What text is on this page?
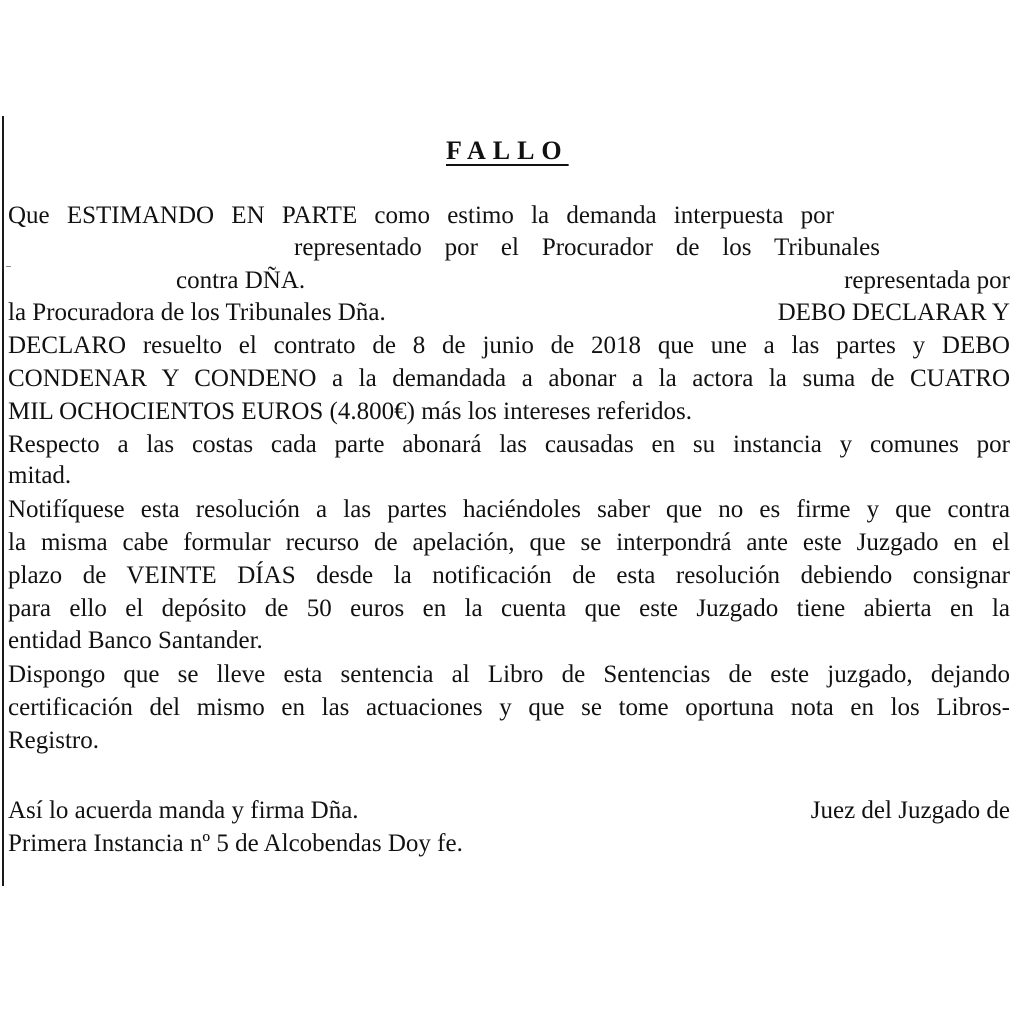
FALLO
Que ESTIMANDO EN PARTE como estimo la demanda interpuesta por
representado por el Procurador de los Tribunales
contra DÑA.	representada por
la Procuradora de los Tribunales Dña.	DEBO DECLARAR Y
DECLARO resuelto el contrato de 8 de junio de 2018 que une a las partes y DEBO
CONDENAR Y CONDENO a la demandada a abonar a la actora la suma de CUATRO
MIL OCHOCIENTOS EUROS (4.800€) más los intereses referidos.
Respecto a las costas cada parte abonará las causadas en su instancia y comunes por
mitad.
Notifíquese esta resolución a las partes haciéndoles saber que no es firme y que contra
la misma cabe formular recurso de apelación, que se interpondrá ante este Juzgado en el
plazo de VEINTE DÍAS desde la notificación de esta resolución debiendo consignar
para ello el depósito de 50 euros en la cuenta que este Juzgado tiene abierta en la
entidad Banco Santander.
Dispongo que se lleve esta sentencia al Libro de Sentencias de este juzgado, dejando
certificación del mismo en las actuaciones y que se tome oportuna nota en los Libros-
Registro.
Así lo acuerda manda y firma Dña.	Juez del Juzgado de
Primera Instancia nº 5 de Alcobendas Doy fe.
